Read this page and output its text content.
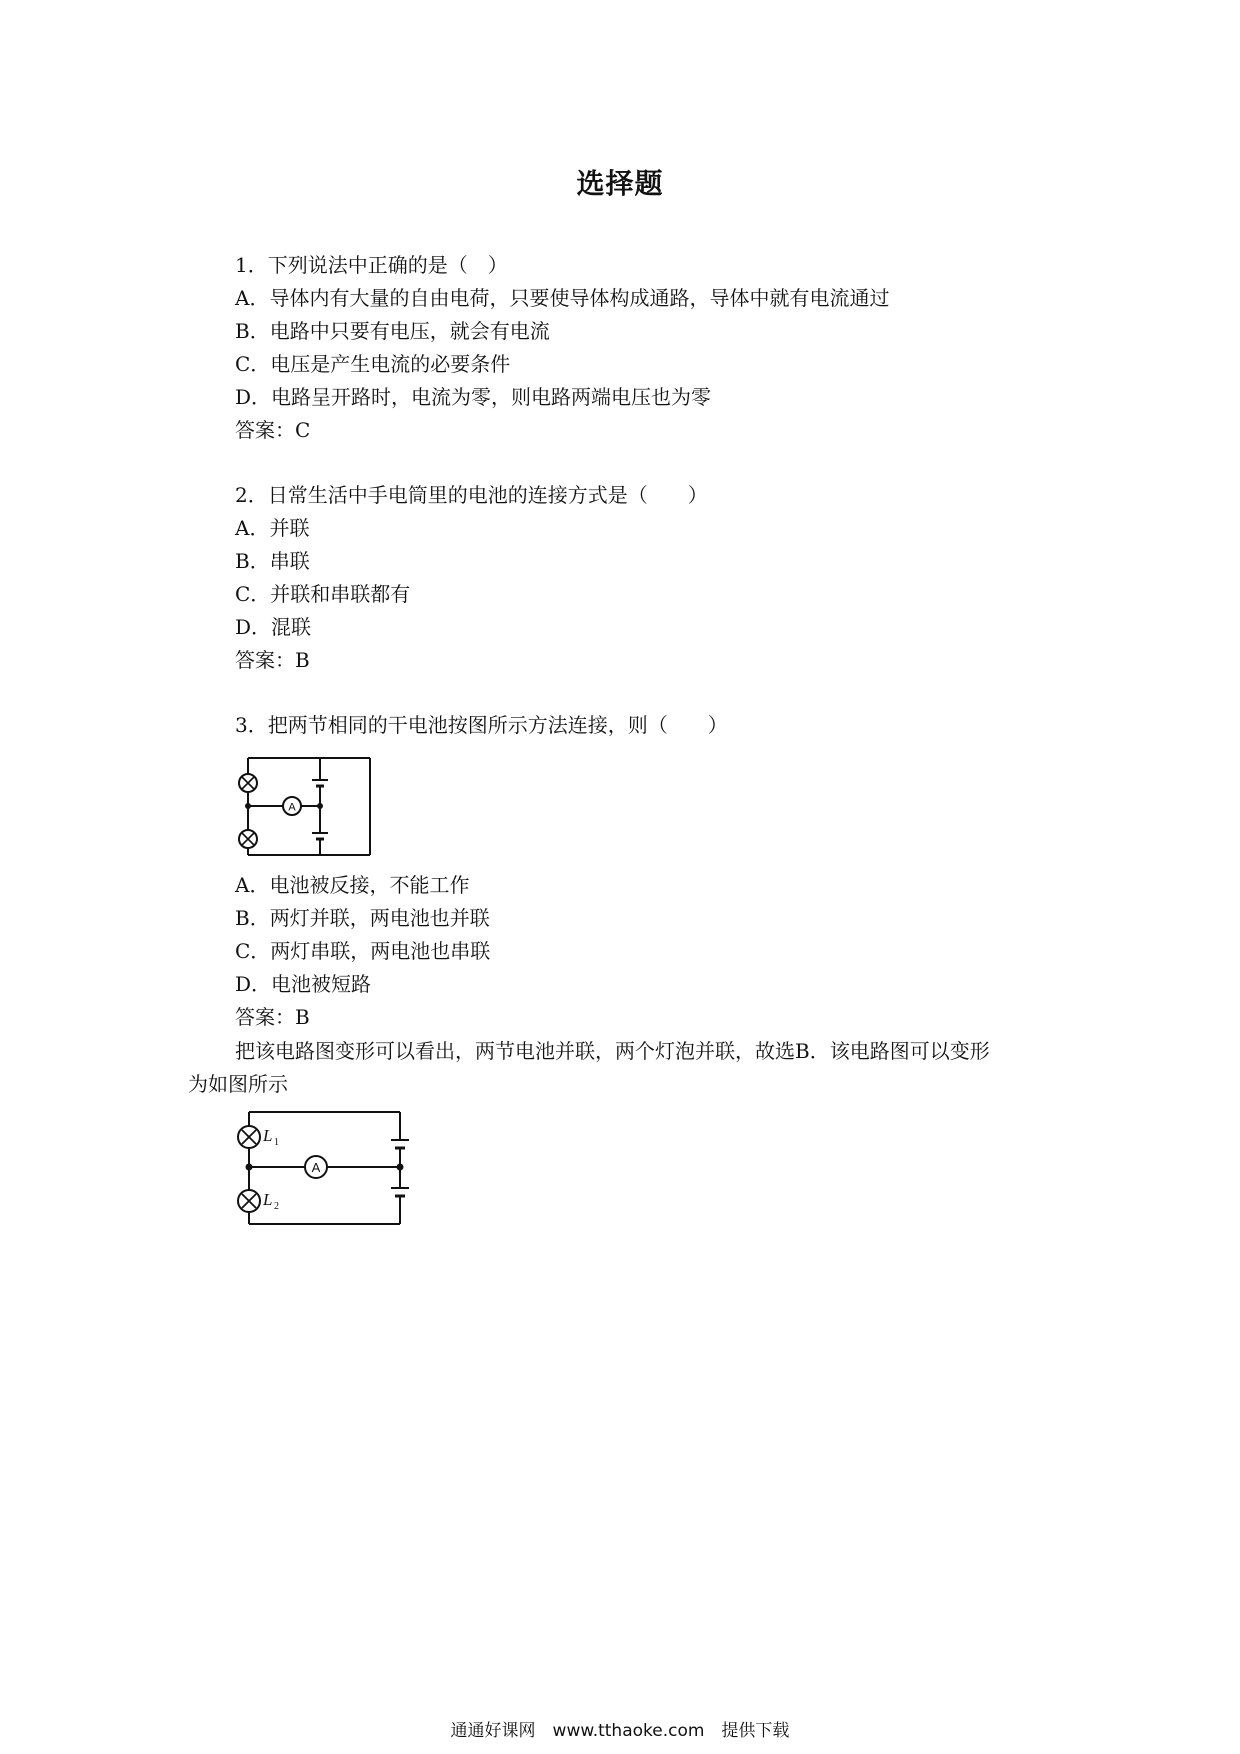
选择题
1．下列说法中正确的是（　）
A．导体内有大量的自由电荷，只要使导体构成通路，导体中就有电流通过
B．电路中只要有电压，就会有电流
C．电压是产生电流的必要条件
D．电路呈开路时，电流为零，则电路两端电压也为零
答案：C
2．日常生活中手电筒里的电池的连接方式是（　　）
A．并联
B．串联
C．并联和串联都有
D．混联
答案：B
3．把两节相同的干电池按图所示方法连接，则（　　）
A
A．电池被反接，不能工作
B．两灯并联，两电池也并联
C．两灯串联，两电池也串联
D．电池被短路
答案：B
把该电路图变形可以看出，两节电池并联，两个灯泡并联，故选B．该电路图可以变形
为如图所示
L 1
L 2
A
通通好课网　www.tthaoke.com　提供下载
